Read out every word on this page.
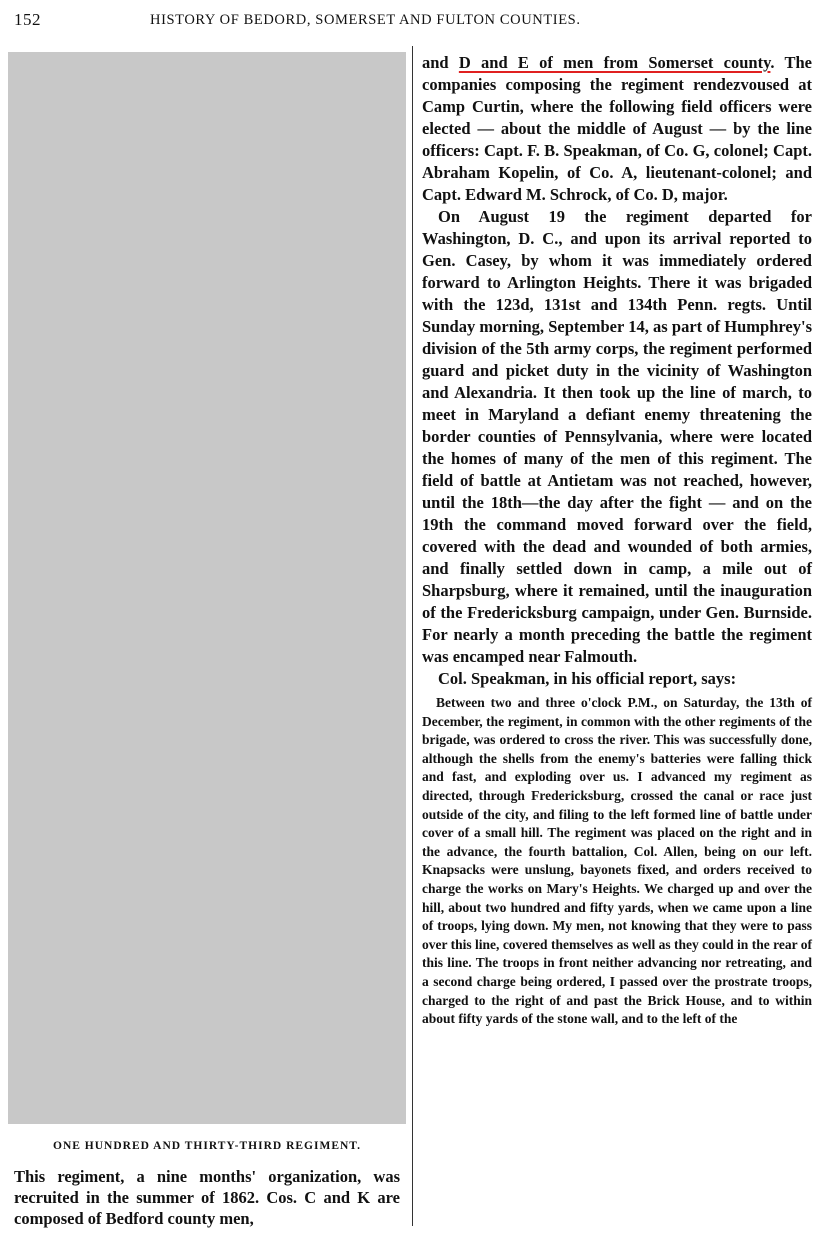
152	HISTORY OF BEDORD, SOMERSET AND FULTON COUNTIES.
ONE HUNDRED AND THIRTY-THIRD REGIMENT.
This regiment, a nine months' organization, was recruited in the summer of 1862. Cos. C and K are composed of Bedford county men,

and D and E of men from Somerset county. The companies composing the regiment rendezvoused at Camp Curtin, where the following field officers were elected — about the middle of August — by the line officers: Capt. F. B. Speakman, of Co. G, colonel; Capt. Abraham Kopelin, of Co. A, lieutenant-colonel; and Capt. Edward M. Schrock, of Co. D, major.

On August 19 the regiment departed for Washington, D. C., and upon its arrival reported to Gen. Casey, by whom it was immediately ordered forward to Arlington Heights. There it was brigaded with the 123d, 131st and 134th Penn. regts. Until Sunday morning, September 14, as part of Humphrey's division of the 5th army corps, the regiment performed guard and picket duty in the vicinity of Washington and Alexandria. It then took up the line of march, to meet in Maryland a defiant enemy threatening the border counties of Pennsylvania, where were located the homes of many of the men of this regiment. The field of battle at Antietam was not reached, however, until the 18th—the day after the fight — and on the 19th the command moved forward over the field, covered with the dead and wounded of both armies, and finally settled down in camp, a mile out of Sharpsburg, where it remained, until the inauguration of the Fredericksburg campaign, under Gen. Burnside. For nearly a month preceding the battle the regiment was encamped near Falmouth.

Col. Speakman, in his official report, says:

Between two and three o'clock P.M., on Saturday, the 13th of December, the regiment, in common with the other regiments of the brigade, was ordered to cross the river. This was successfully done, although the shells from the enemy's batteries were falling thick and fast, and exploding over us. I advanced my regiment as directed, through Fredericksburg, crossed the canal or race just outside of the city, and filing to the left formed line of battle under cover of a small hill. The regiment was placed on the right and in the advance, the fourth battalion, Col. Allen, being on our left. Knapsacks were unslung, bayonets fixed, and orders received to charge the works on Mary's Heights. We charged up and over the hill, about two hundred and fifty yards, when we came upon a line of troops, lying down. My men, not knowing that they were to pass over this line, covered themselves as well as they could in the rear of this line. The troops in front neither advancing nor retreating, and a second charge being ordered, I passed over the prostrate troops, charged to the right of and past the Brick House, and to within about fifty yards of the stone wall, and to the left of the
